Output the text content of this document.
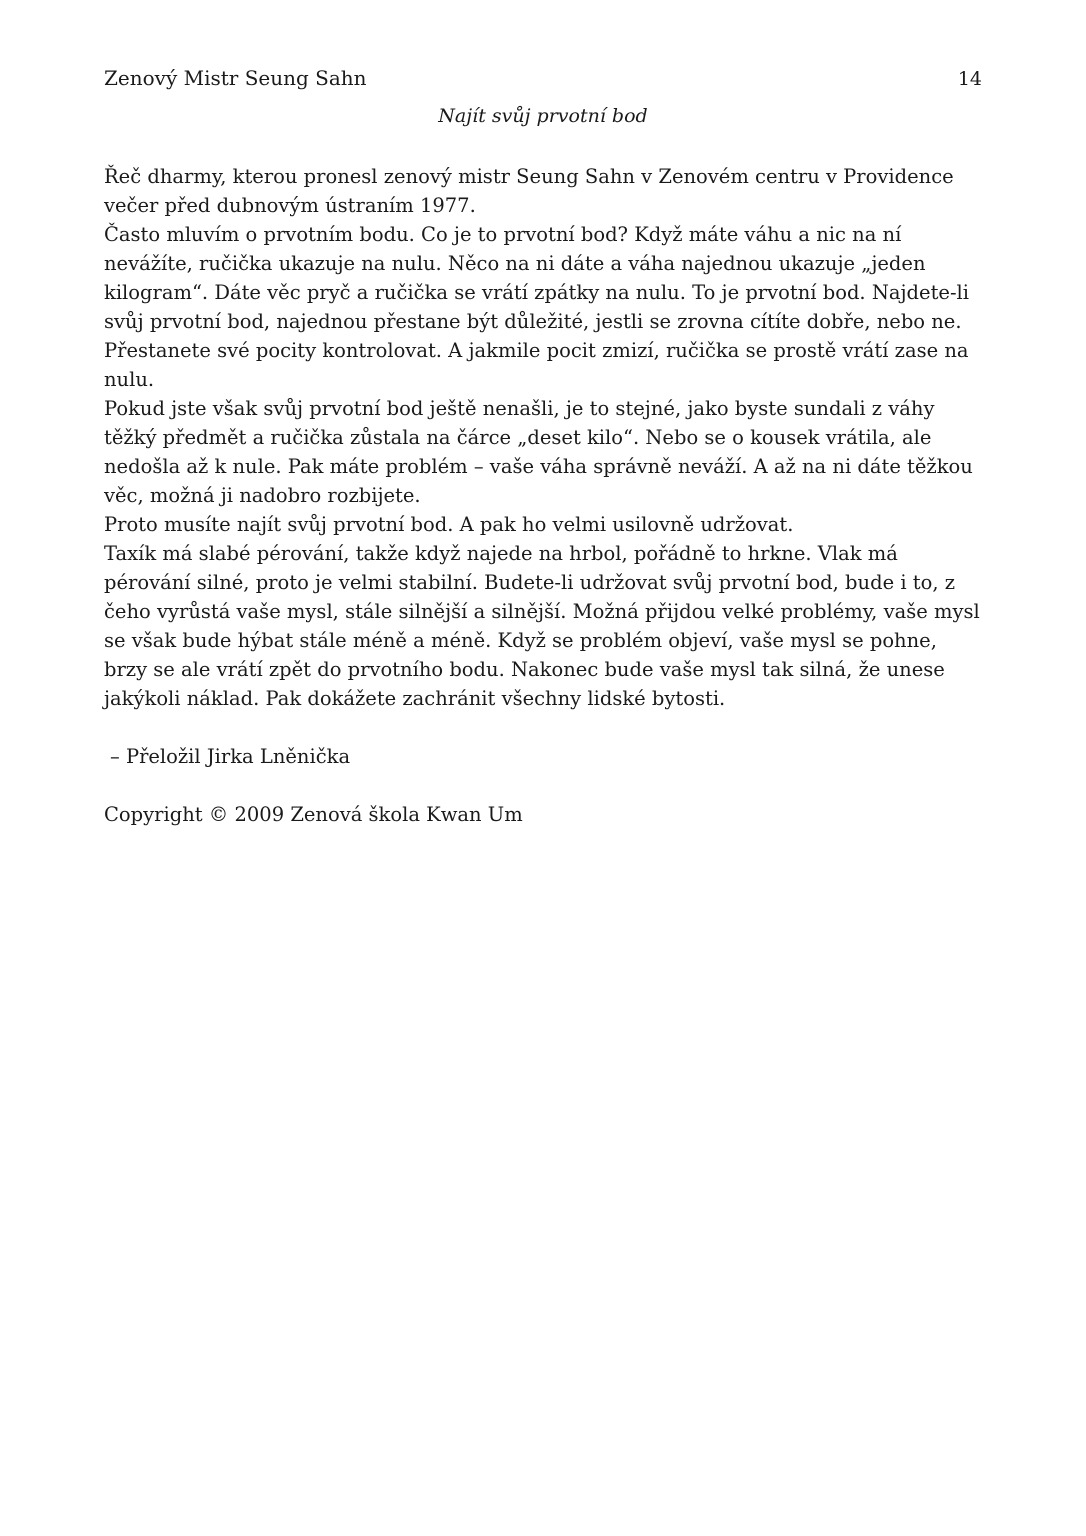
Zenový Mistr Seung Sahn	14
Najít svůj prvotní bod

Řeč dharmy, kterou pronesl zenový mistr Seung Sahn v Zenovém centru v Providence večer před dubnovým ústraním 1977.

Často mluvím o prvotním bodu. Co je to prvotní bod? Když máte váhu a nic na ní nevážíte, ručička ukazuje na nulu. Něco na ni dáte a váha najednou ukazuje „jeden kilogram“. Dáte věc pryč a ručička se vrátí zpátky na nulu. To je prvotní bod. Najdete-li svůj prvotní bod, najednou přestane být důležité, jestli se zrovna cítíte dobře, nebo ne. Přestanete své pocity kontrolovat. A jakmile pocit zmizí, ručička se prostě vrátí zase na nulu.

Pokud jste však svůj prvotní bod ještě nenašli, je to stejné, jako byste sundali z váhy těžký předmět a ručička zůstala na čárce „deset kilo“. Nebo se o kousek vrátila, ale nedošla až k nule. Pak máte problém – vaše váha správně neváží. A až na ni dáte těžkou věc, možná ji nadobro rozbijete.

Proto musíte najít svůj prvotní bod. A pak ho velmi usilovně udržovat.

Taxík má slabé pérování, takže když najede na hrbol, pořádně to hrkne. Vlak má pérování silné, proto je velmi stabilní. Budete-li udržovat svůj prvotní bod, bude i to, z čeho vyrůstá vaše mysl, stále silnější a silnější. Možná přijdou velké problémy, vaše mysl se však bude hýbat stále méně a méně. Když se problém objeví, vaše mysl se pohne, brzy se ale vrátí zpět do prvotního bodu. Nakonec bude vaše mysl tak silná, že unese jakýkoli náklad. Pak dokážete zachránit všechny lidské bytosti.

– Přeložil Jirka Lněnička

Copyright © 2009 Zenová škola Kwan Um
